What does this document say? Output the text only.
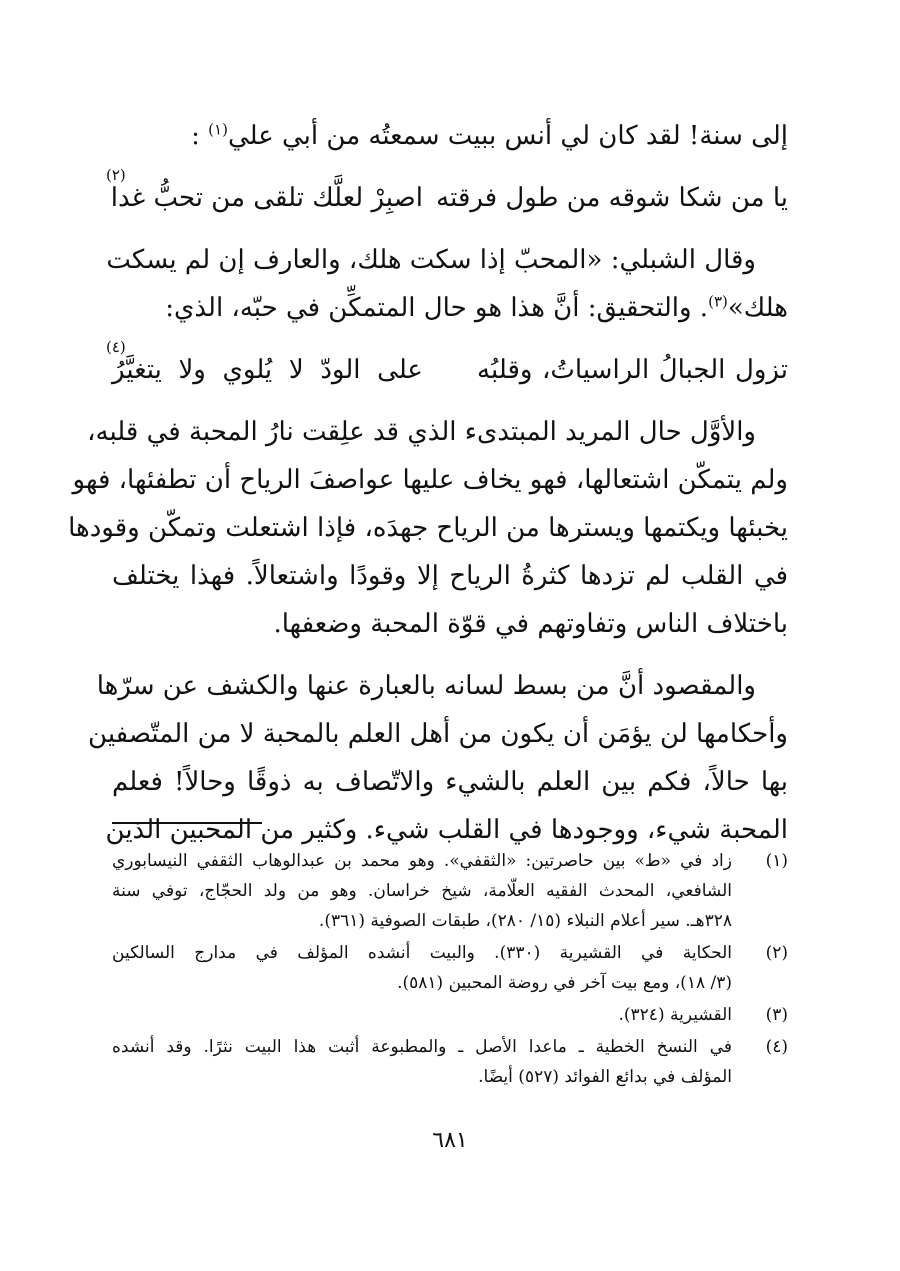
إلى سنة! لقد كان لي أنس ببيت سمعتُه من أبي علي$^{(١)}$ :
يا من شكا شوقه من طول فرقته
اصبِرْ لعلَّك تلقى من تحبُّ غدا
(٢)
وقال الشبلي: «المحبّ إذا سكت هلك، والعارف إن لم يسكت
هلك»$^{(٣)}$. والتحقيق: أنَّ هذا هو حال المتمكِّن في حبّه، الذي:
تزول الجبالُ الراسياتُ، وقلبُه
على الودّ لا يُلوي ولا يتغيَّرُ
(٤)
والأوَّل حال المريد المبتدىء الذي قد علِقت نارُ المحبة في قلبه،
ولم يتمكّن اشتعالها، فهو يخاف عليها عواصفَ الرياح أن تطفئها، فهو
يخبئها ويكتمها ويسترها من الرياح جهدَه، فإذا اشتعلت وتمكّن وقودها
في القلب لم تزدها كثرةُ الرياح إلا وقودًا واشتعالاً. فهذا يختلف
باختلاف الناس وتفاوتهم في قوّة المحبة وضعفها.
والمقصود أنَّ من بسط لسانه بالعبارة عنها والكشف عن سرّها
وأحكامها لن يؤمَن أن يكون من أهل العلم بالمحبة لا من المتّصفين
بها حالاً، فكم بين العلم بالشيء والاتّصاف به ذوقًا وحالاً! فعلم
المحبة شيء، ووجودها في القلب شيء. وكثير من المحبين الذين
(١)
زاد في «ط» بين حاصرتين: «الثقفي». وهو محمد بن عبدالوهاب الثقفي النيسابوري
الشافعي، المحدث الفقيه العلّامة، شيخ خراسان. وهو من ولد الحجّاج، توفي سنة
٣٢٨هـ. سير أعلام النبلاء (١٥/ ٢٨٠)، طبقات الصوفية (٣٦١).
(٢)
الحكاية في القشيرية (٣٣٠). والبيت أنشده المؤلف في مدارج السالكين
(٣/ ١٨)، ومع بيت آخر في روضة المحبين (٥٨١).
(٣)
القشيرية (٣٢٤).
(٤)
في النسخ الخطية ـ ماعدا الأصل ـ والمطبوعة أثبت هذا البيت نثرًا. وقد أنشده
المؤلف في بدائع الفوائد (٥٢٧) أيضًا.
٦٨١
